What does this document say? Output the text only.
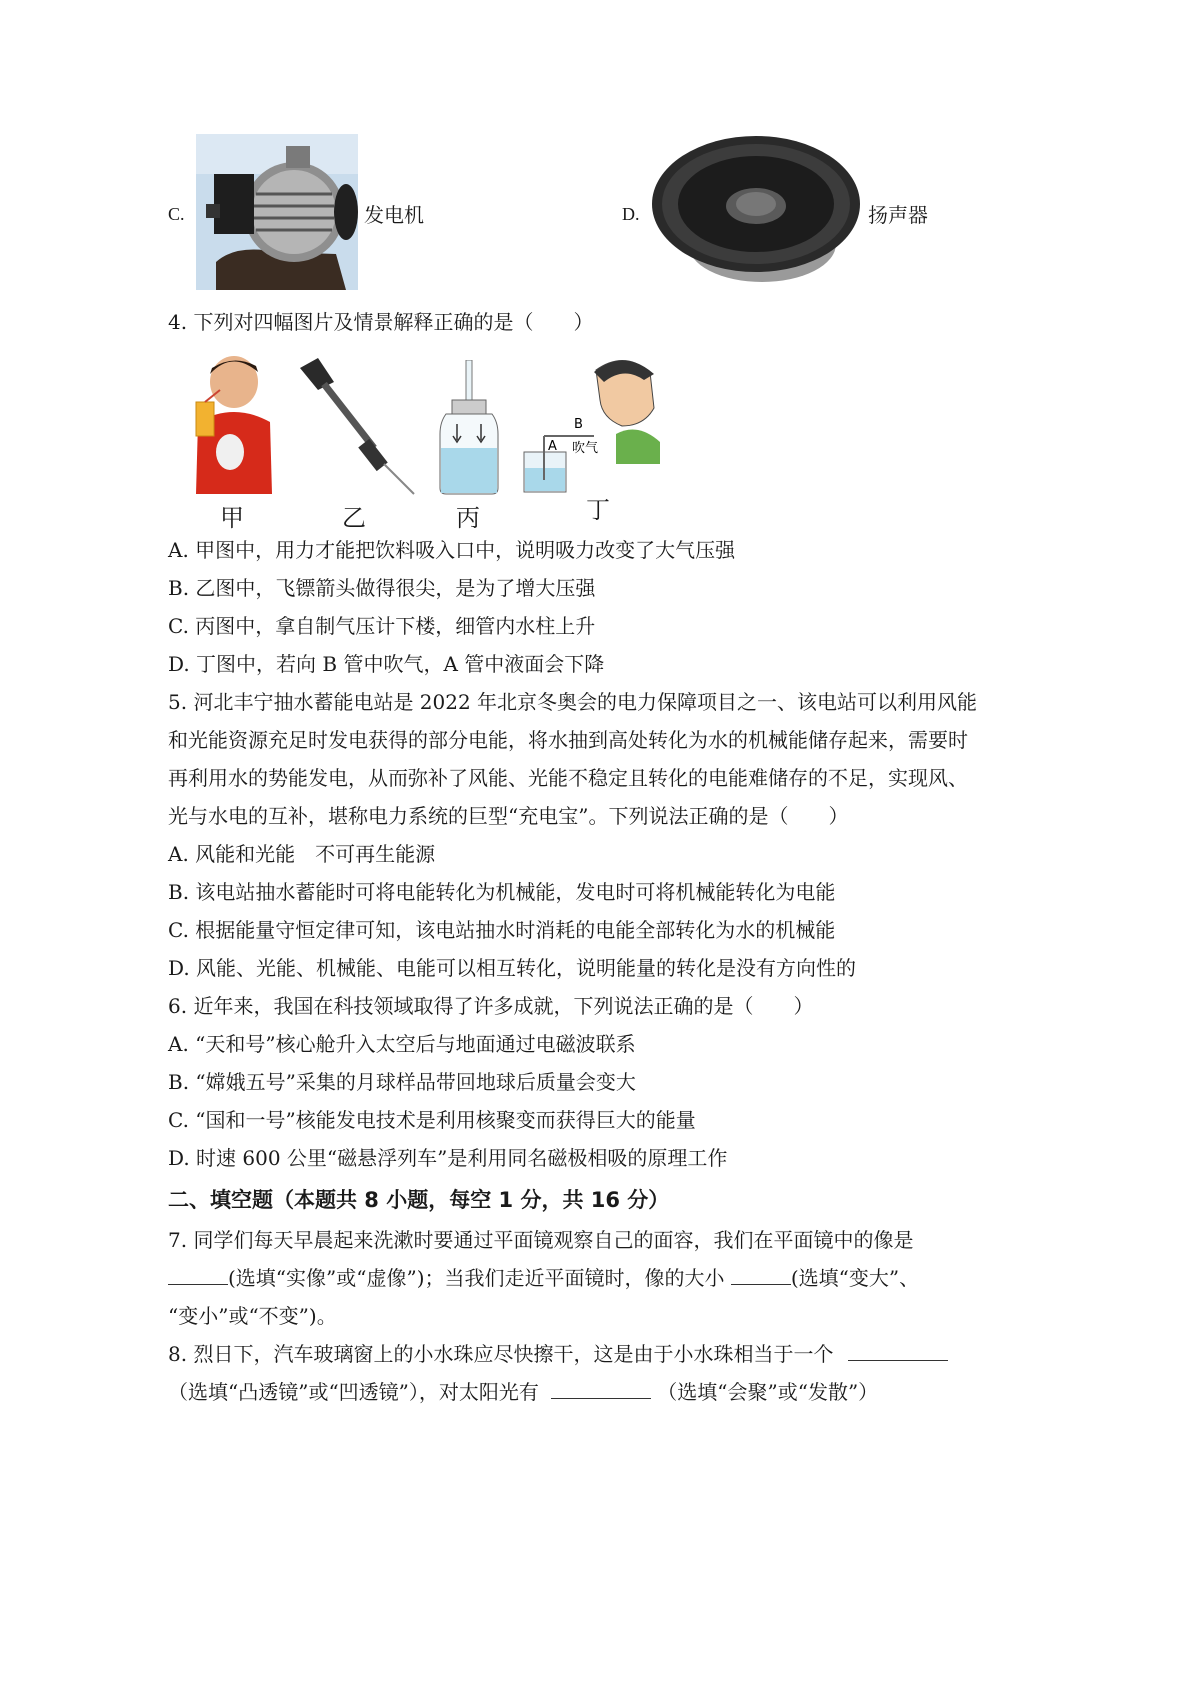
C.	发电机	D.	扬声器
4. 下列对四幅图片及情景解释正确的是（　　）
B
A 吹气
甲	乙	丙	丁
A. 甲图中，用力才能把饮料吸入口中，说明吸力改变了大气压强
B. 乙图中，飞镖箭头做得很尖，是为了增大压强
C. 丙图中，拿自制气压计下楼，细管内水柱上升
D. 丁图中，若向 B 管中吹气，A 管中液面会下降
5. 河北丰宁抽水蓄能电站是 2022 年北京冬奥会的电力保障项目之一、该电站可以利用风能
和光能资源充足时发电获得的部分电能，将水抽到高处转化为水的机械能储存起来，需要时
再利用水的势能发电，从而弥补了风能、光能不稳定且转化的电能难储存的不足，实现风、
光与水电的互补，堪称电力系统的巨型“充电宝”。下列说法正确的是（　　）
A. 风能和光能　不可再生能源
B. 该电站抽水蓄能时可将电能转化为机械能，发电时可将机械能转化为电能
C. 根据能量守恒定律可知，该电站抽水时消耗的电能全部转化为水的机械能
D. 风能、光能、机械能、电能可以相互转化，说明能量的转化是没有方向性的
6. 近年来，我国在科技领域取得了许多成就，下列说法正确的是（　　）
A. “天和号”核心舱升入太空后与地面通过电磁波联系
B. “嫦娥五号”采集的月球样品带回地球后质量会变大
C. “国和一号”核能发电技术是利用核聚变而获得巨大的能量
D. 时速 600 公里“磁悬浮列车”是利用同名磁极相吸的原理工作
二、填空题（本题共 8 小题，每空 1 分，共 16 分）
7. 同学们每天早晨起来洗漱时要通过平面镜观察自己的面容，我们在平面镜中的像是
(选填“实像”或“虚像”)；当我们走近平面镜时，像的大小	(选填“变大”、
“变小”或“不变”)。
8. 烈日下，汽车玻璃窗上的小水珠应尽快擦干，这是由于小水珠相当于一个
（选填“凸透镜”或“凹透镜”），对太阳光有	（选填“会聚”或“发散”）
